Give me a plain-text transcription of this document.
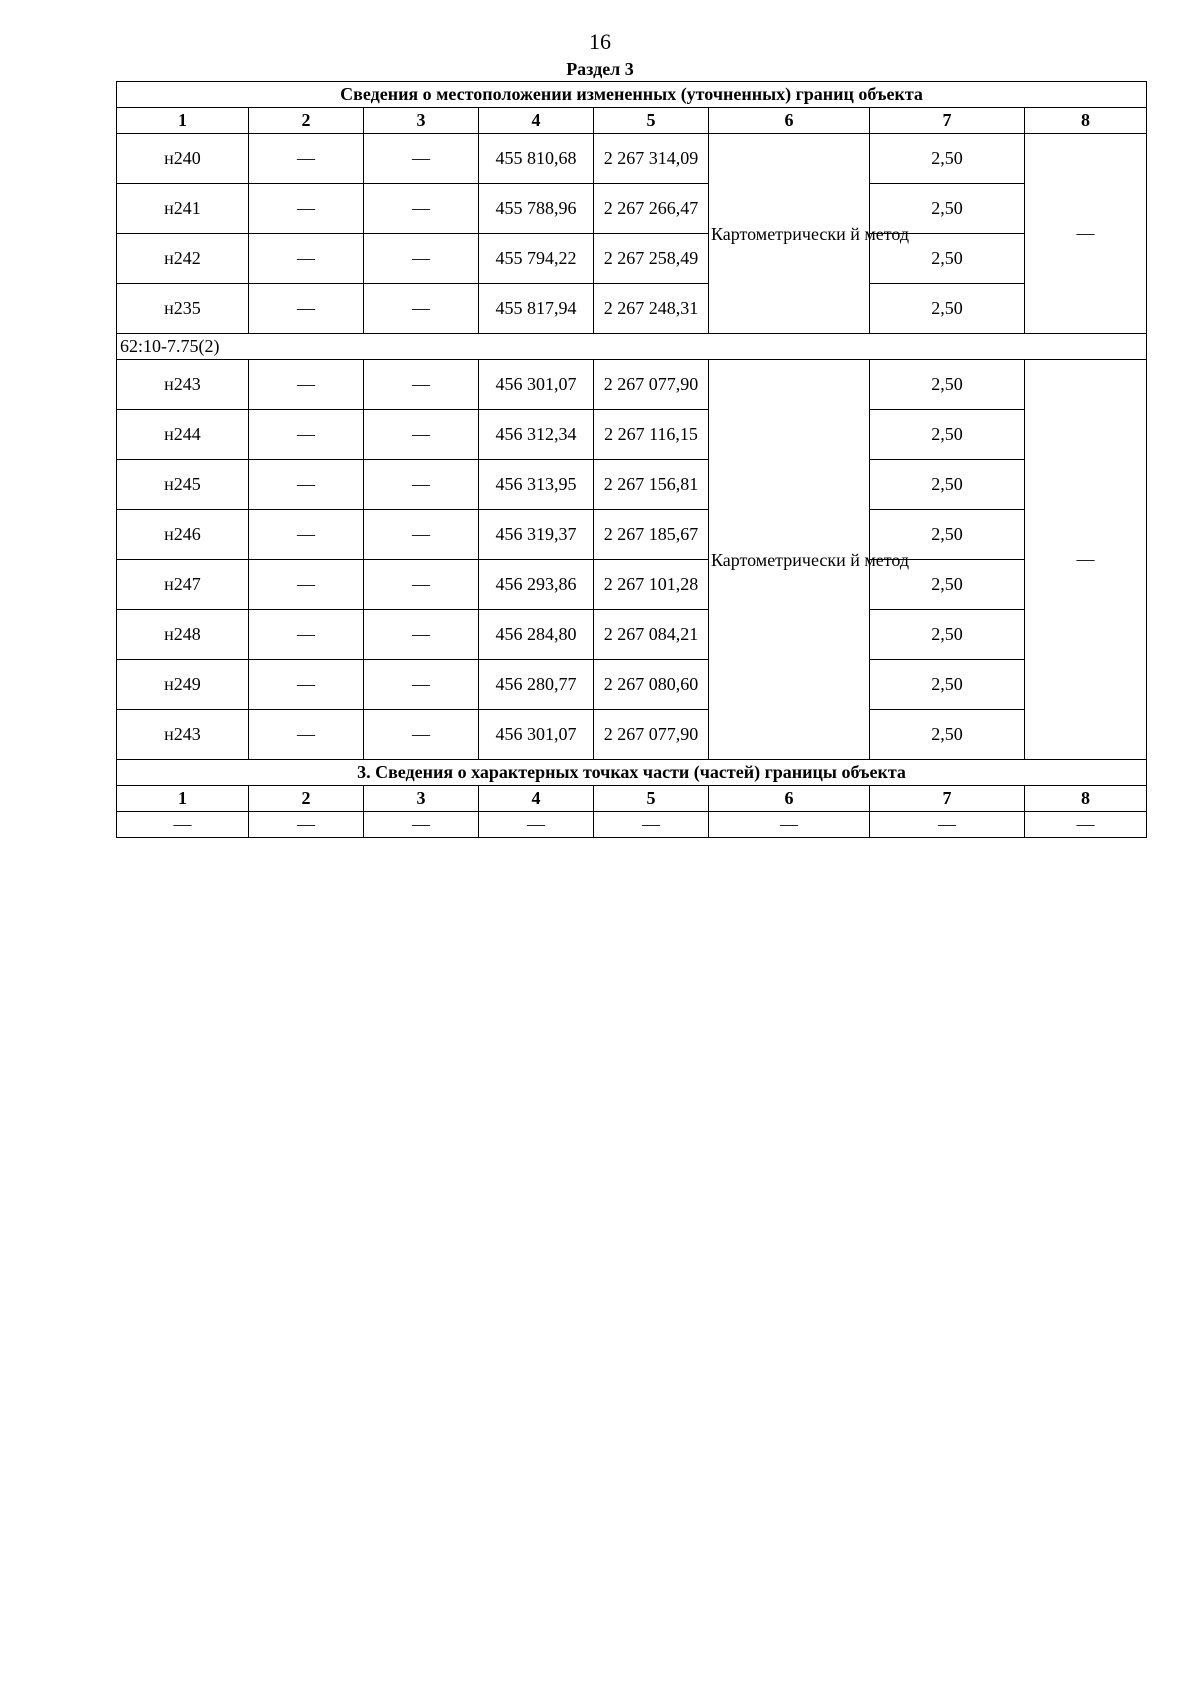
16
Раздел 3
Сведения о местоположении измененных (уточненных) границ объекта							
1	2	3	4	5	6	7	8
н240	—	—	455 810,68	2 267 314,09	Картометрически й метод	2,50	—
н241	—	—	455 788,96	2 267 266,47		2,50	
н242	—	—	455 794,22	2 267 258,49		2,50	
н235	—	—	455 817,94	2 267 248,31		2,50	
62:10-7.75(2)							
н243	—	—	456 301,07	2 267 077,90	Картометрически й метод	2,50	—
н244	—	—	456 312,34	2 267 116,15		2,50	
н245	—	—	456 313,95	2 267 156,81		2,50	
н246	—	—	456 319,37	2 267 185,67		2,50	
н247	—	—	456 293,86	2 267 101,28		2,50	
н248	—	—	456 284,80	2 267 084,21		2,50	
н249	—	—	456 280,77	2 267 080,60		2,50	
н243	—	—	456 301,07	2 267 077,90		2,50	
3. Сведения о характерных точках части (частей) границы объекта							
1	2	3	4	5	6	7	8
—	—	—	—	—	—	—	—
